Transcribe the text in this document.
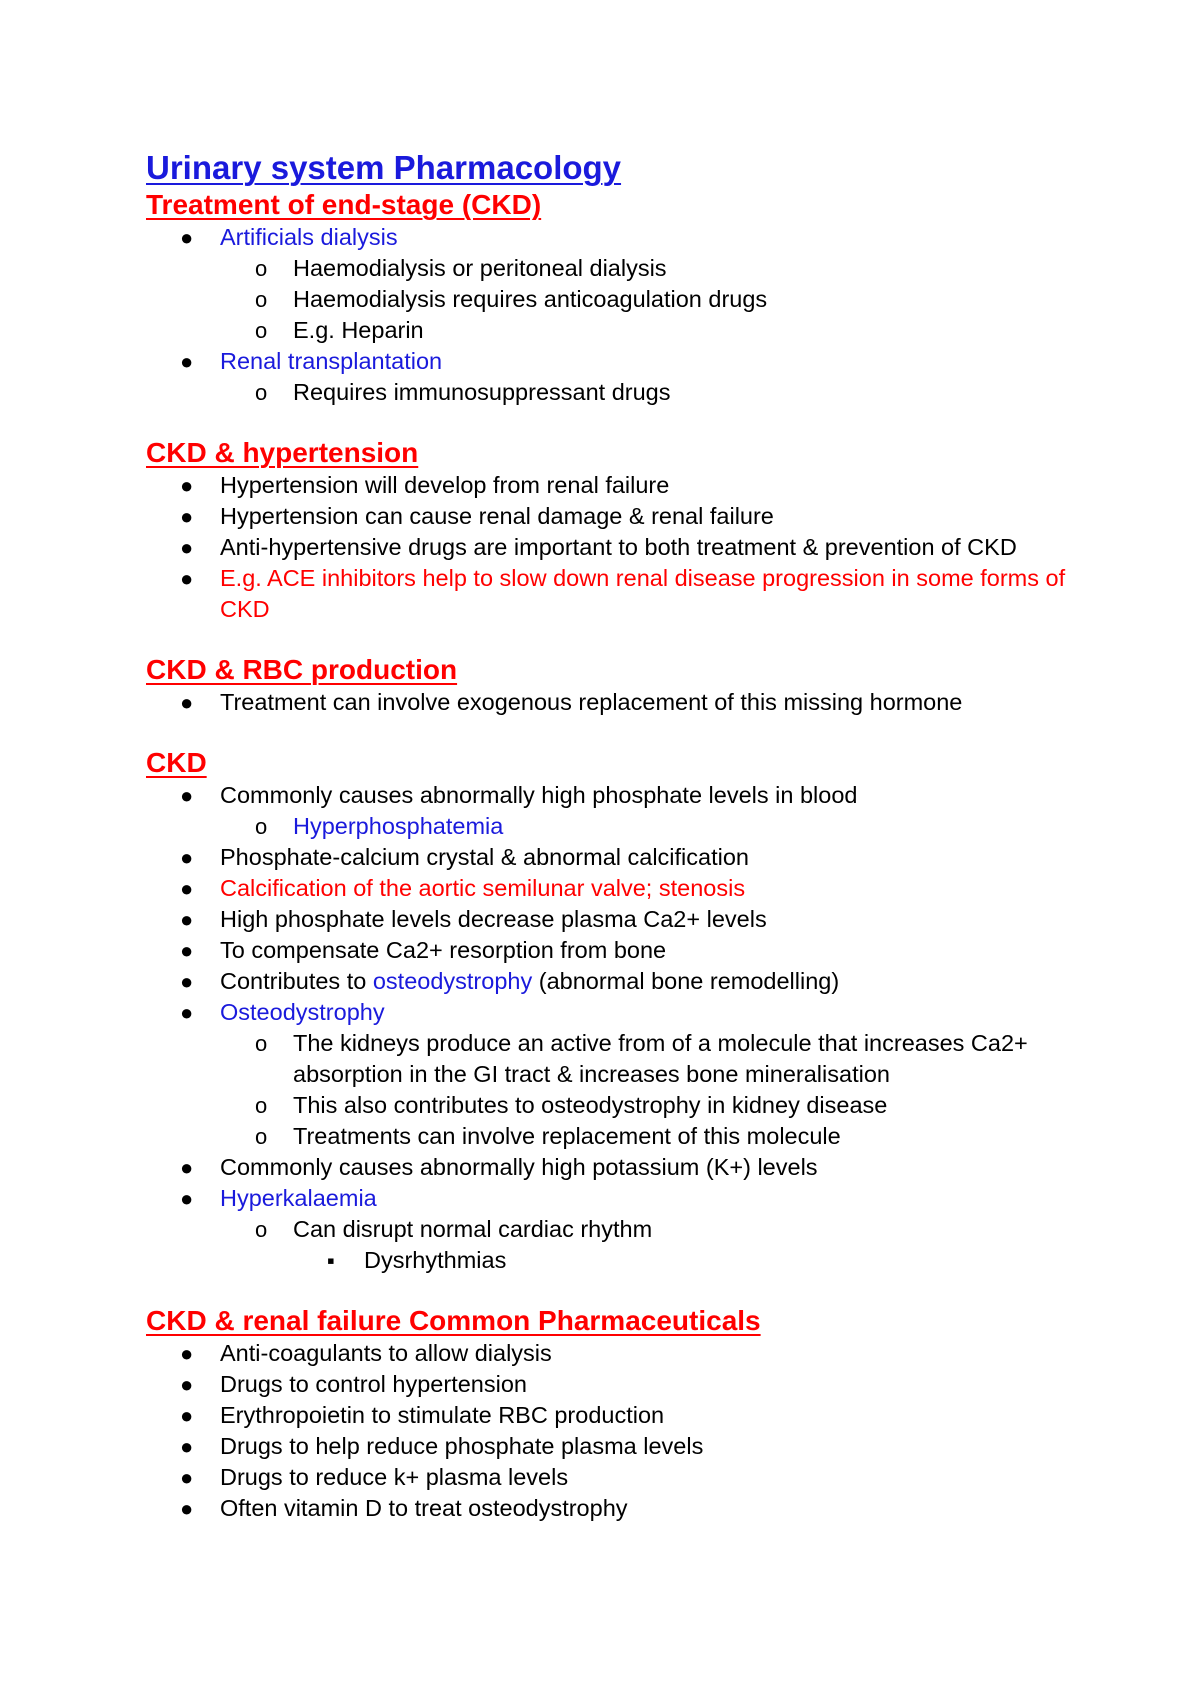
Urinary system Pharmacology
Treatment of end-stage (CKD)
● Artificials dialysis
o Haemodialysis or peritoneal dialysis
o Haemodialysis requires anticoagulation drugs
o E.g. Heparin
● Renal transplantation
o Requires immunosuppressant drugs
CKD & hypertension
● Hypertension will develop from renal failure
● Hypertension can cause renal damage & renal failure
● Anti-hypertensive drugs are important to both treatment & prevention of CKD
● E.g. ACE inhibitors help to slow down renal disease progression in some forms of CKD
CKD & RBC production
● Treatment can involve exogenous replacement of this missing hormone
CKD
● Commonly causes abnormally high phosphate levels in blood
o Hyperphosphatemia
● Phosphate-calcium crystal & abnormal calcification
● Calcification of the aortic semilunar valve; stenosis
● High phosphate levels decrease plasma Ca2+ levels
● To compensate Ca2+ resorption from bone
● Contributes to osteodystrophy (abnormal bone remodelling)
● Osteodystrophy
o The kidneys produce an active from of a molecule that increases Ca2+ absorption in the GI tract & increases bone mineralisation
o This also contributes to osteodystrophy in kidney disease
o Treatments can involve replacement of this molecule
● Commonly causes abnormally high potassium (K+) levels
● Hyperkalaemia
o Can disrupt normal cardiac rhythm
▪ Dysrhythmias
CKD & renal failure Common Pharmaceuticals
● Anti-coagulants to allow dialysis
● Drugs to control hypertension
● Erythropoietin to stimulate RBC production
● Drugs to help reduce phosphate plasma levels
● Drugs to reduce k+ plasma levels
● Often vitamin D to treat osteodystrophy
